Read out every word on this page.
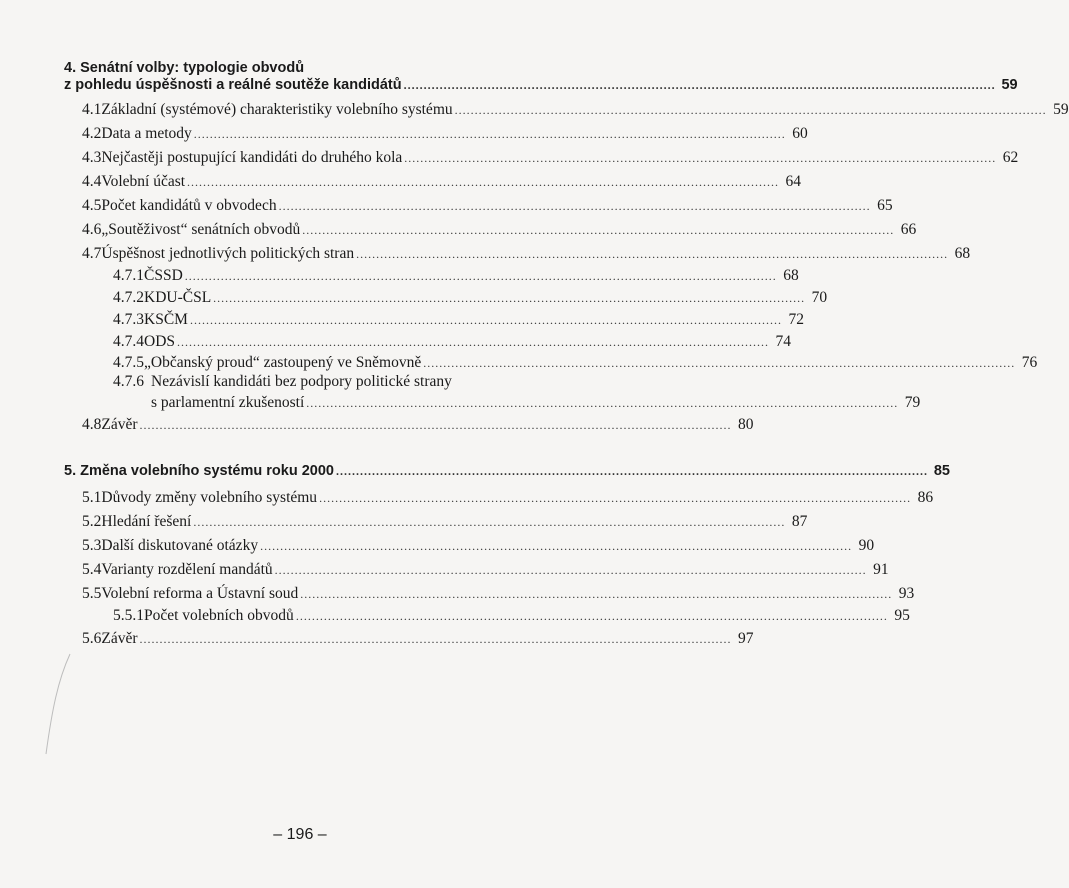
4. Senátní volby: typologie obvodů
z pohledu úspěšnosti a reálné soutěže kandidátů .................................................................................................................................................... 59
4.1 Základní (systémové) charakteristiky volebního systému .................................................................................................................................................... 59
4.2 Data a metody .................................................................................................................................................... 60
4.3 Nejčastěji postupující kandidáti do druhého kola .................................................................................................................................................... 62
4.4 Volební účast .................................................................................................................................................... 64
4.5 Počet kandidátů v obvodech .................................................................................................................................................... 65
4.6 „Soutěživost“ senátních obvodů .................................................................................................................................................... 66
4.7 Úspěšnost jednotlivých politických stran .................................................................................................................................................... 68
4.7.1 ČSSD .................................................................................................................................................... 68
4.7.2 KDU-ČSL .................................................................................................................................................... 70
4.7.3 KSČM .................................................................................................................................................... 72
4.7.4 ODS .................................................................................................................................................... 74
4.7.5 „Občanský proud“ zastoupený ve Sněmovně .................................................................................................................................................... 76
4.7.6 Nezávislí kandidáti bez podpory politické strany
s parlamentní zkušeností .................................................................................................................................................... 79
4.8 Závěr .................................................................................................................................................... 80
5. Změna volebního systému roku 2000 .................................................................................................................................................... 85
5.1 Důvody změny volebního systému .................................................................................................................................................... 86
5.2 Hledání řešení .................................................................................................................................................... 87
5.3 Další diskutované otázky .................................................................................................................................................... 90
5.4 Varianty rozdělení mandátů .................................................................................................................................................... 91
5.5 Volební reforma a Ústavní soud .................................................................................................................................................... 93
5.5.1 Počet volebních obvodů .................................................................................................................................................... 95
5.6 Závěr .................................................................................................................................................... 97
– 196 –
